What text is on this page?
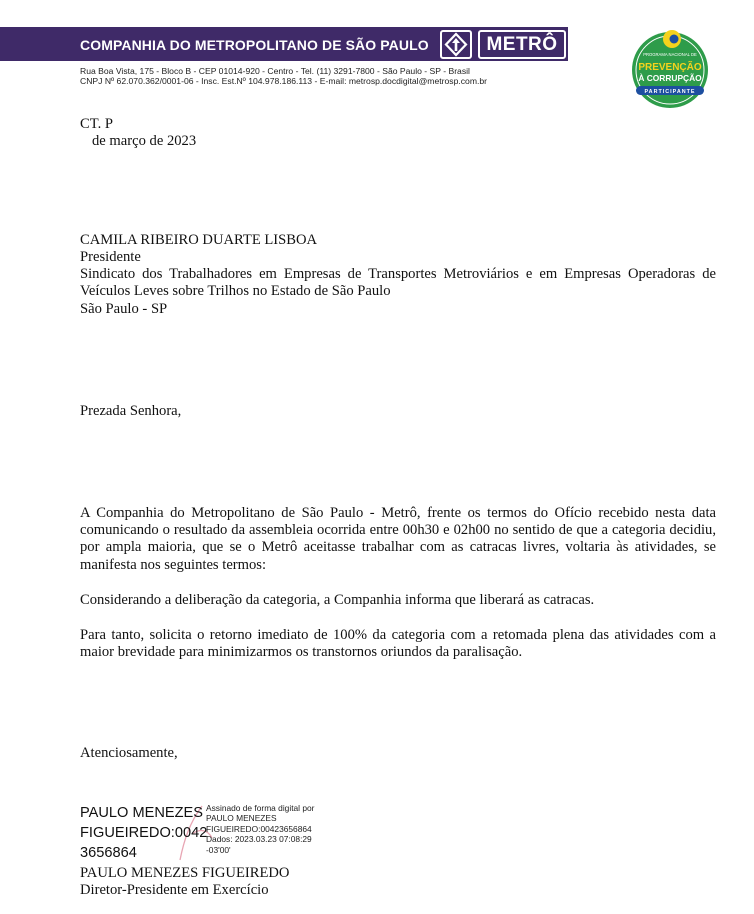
COMPANHIA DO METROPOLITANO DE SÃO PAULO	METRÔ
Rua Boa Vista, 175 - Bloco B - CEP 01014-920 - Centro - Tel. (11) 3291-7800 - São Paulo - SP - Brasil
CNPJ Nº 62.070.362/0001-06 - Insc. Est.Nº 104.978.186.113 - E-mail: metrosp.docdigital@metrosp.com.br
PROGRAMA NACIONAL DE
PREVENÇÃO
À CORRUPÇÃO
PARTICIPANTE
CT. P
de março de 2023
CAMILA RIBEIRO DUARTE LISBOA
Presidente
Sindicato dos Trabalhadores em Empresas de Transportes Metroviários e em Empresas Operadoras de Veículos Leves sobre Trilhos no Estado de São Paulo
São Paulo - SP
Prezada Senhora,
A Companhia do Metropolitano de São Paulo - Metrô, frente os termos do Ofício recebido nesta data comunicando o resultado da assembleia ocorrida entre 00h30 e 02h00 no sentido de que a categoria decidiu, por ampla maioria, que se o Metrô aceitasse trabalhar com as catracas livres, voltaria às atividades, se manifesta nos seguintes termos:
Considerando a deliberação da categoria, a Companhia informa que liberará as catracas.
Para tanto, solicita o retorno imediato de 100% da categoria com a retomada plena das atividades com a maior brevidade para minimizarmos os transtornos oriundos da paralisação.
Atenciosamente,
PAULO MENEZES
FIGUEIREDO:0042
3656864
Assinado de forma digital por
PAULO MENEZES
FIGUEIREDO:00423656864
Dados: 2023.03.23 07:08:29
-03'00'
PAULO MENEZES FIGUEIREDO
Diretor-Presidente em Exercício
